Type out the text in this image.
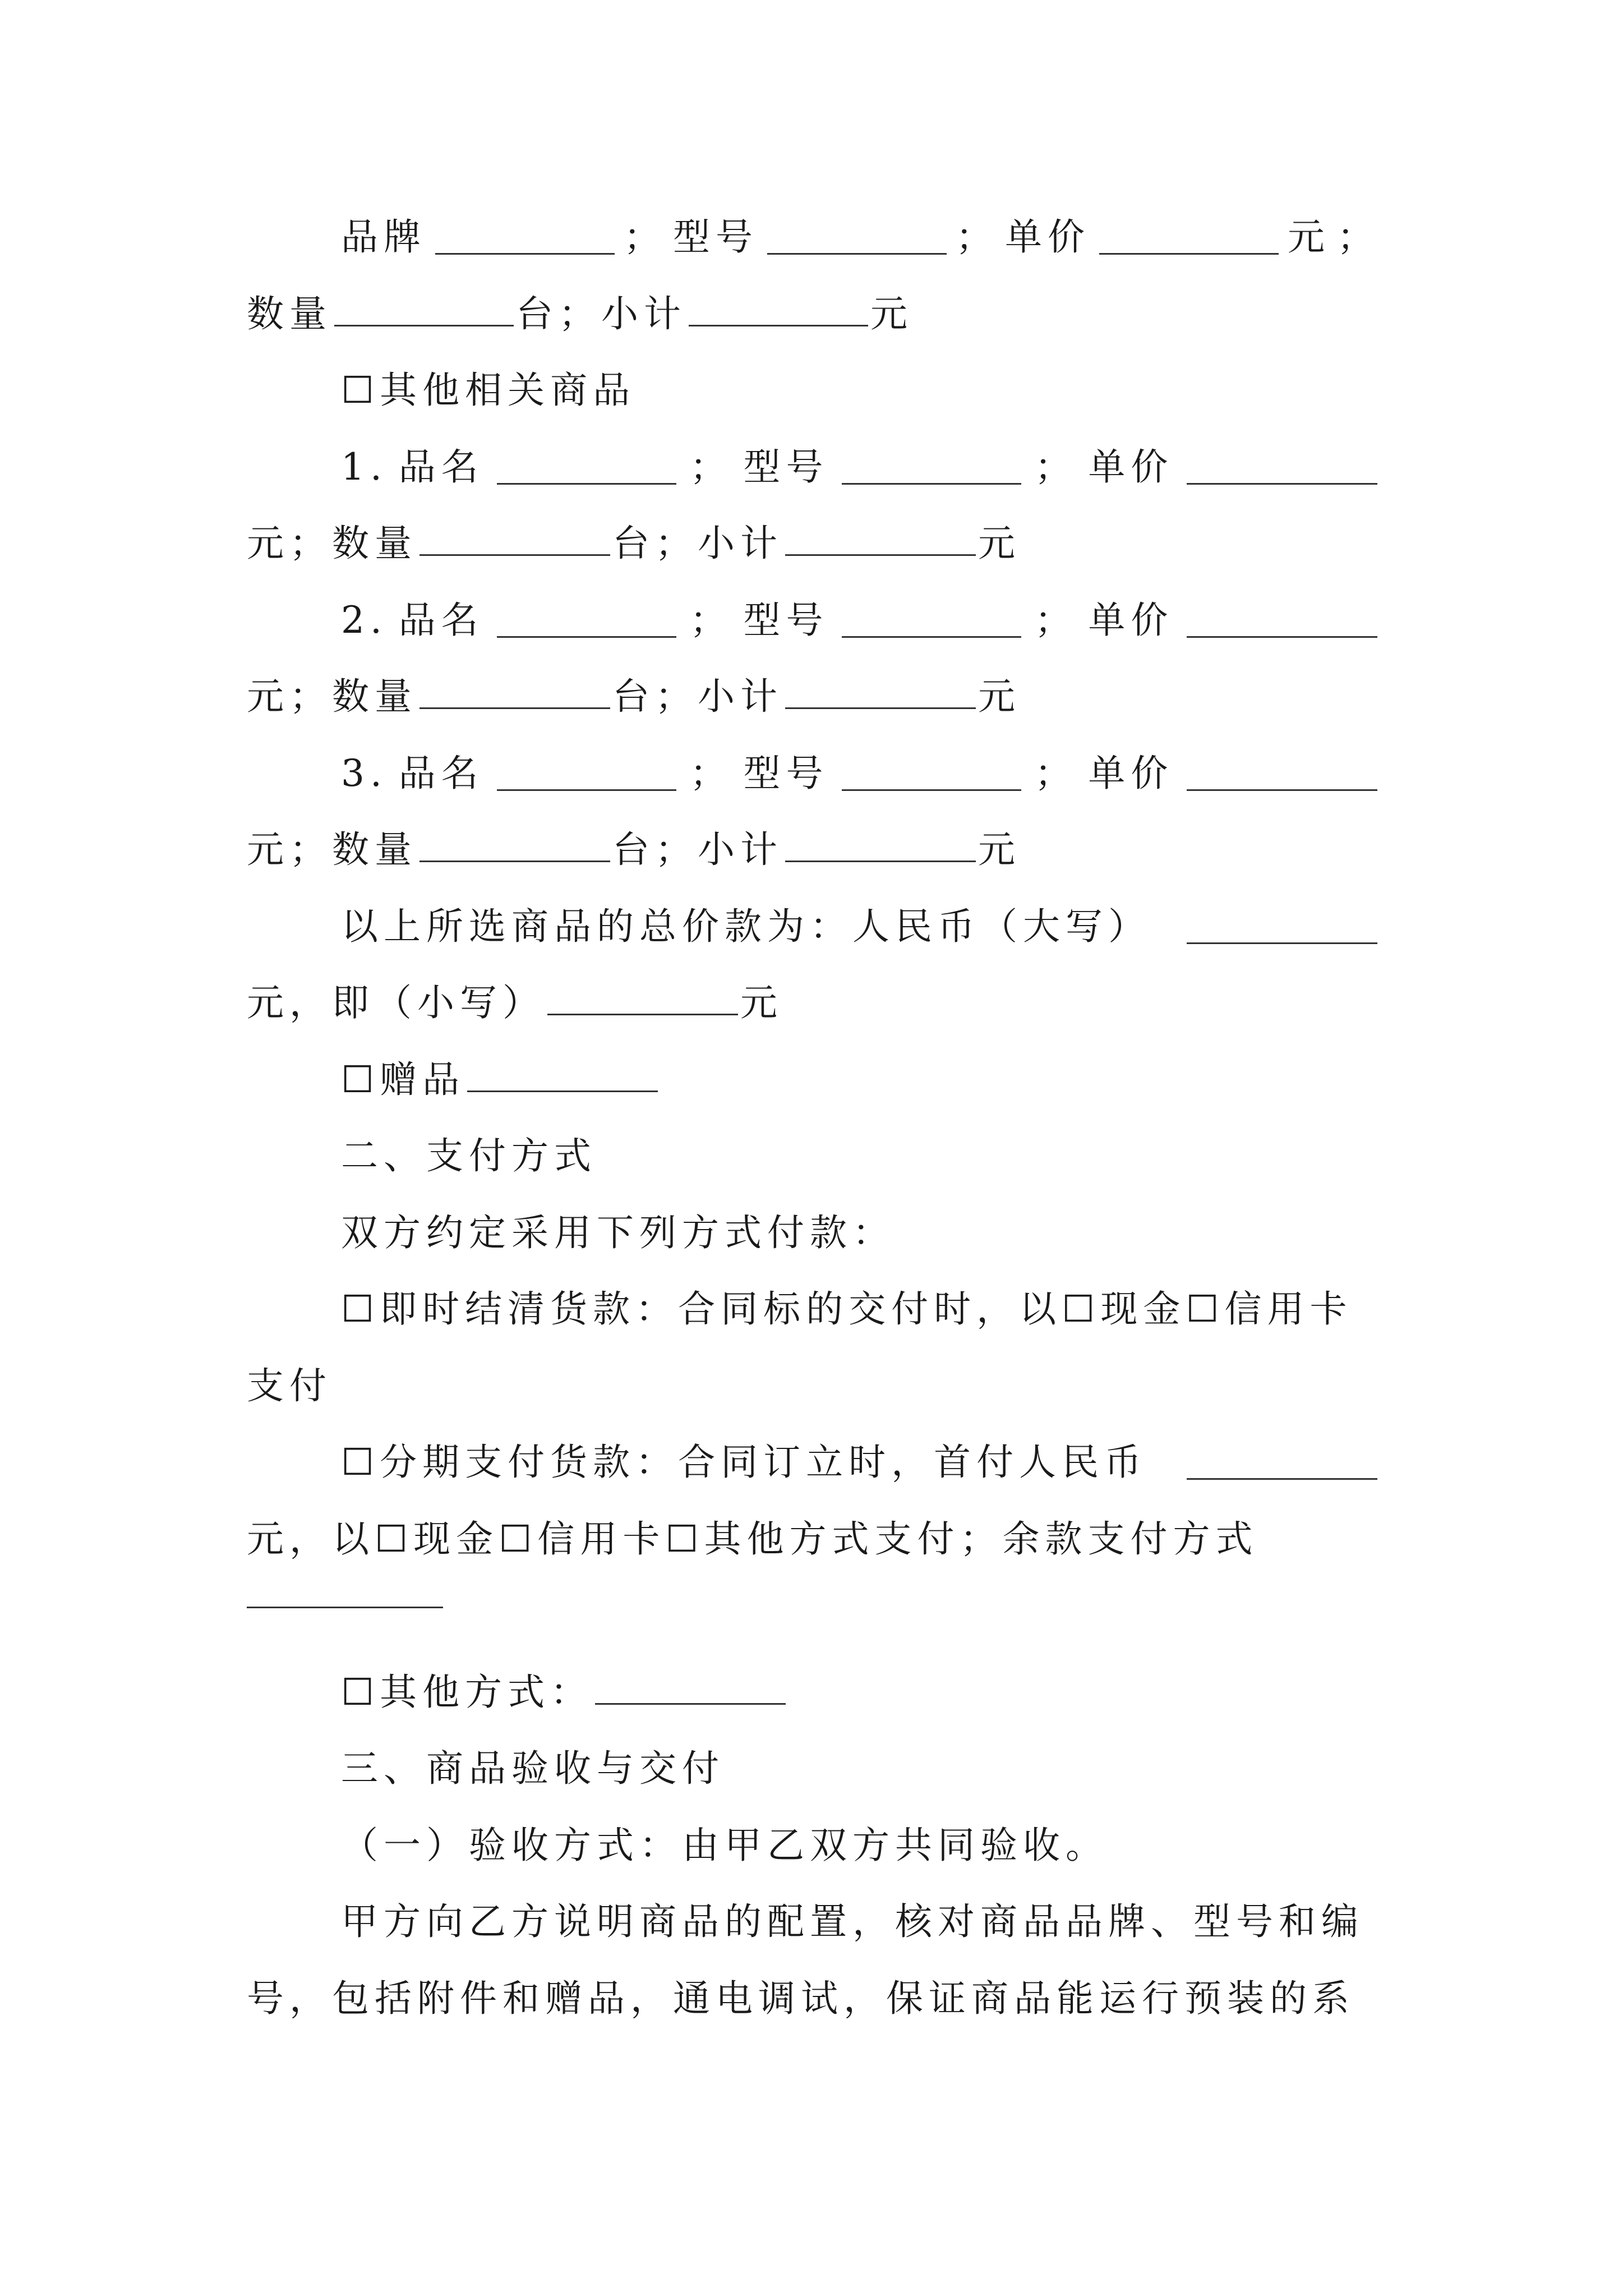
品牌	； 型号	； 单价	元 ；
数量	台；小计	元
☐其他相关商品
1. 品名	； 型号	； 单价
元；数量	台；小计	元
2. 品名	； 型号	； 单价
元；数量	台；小计	元
3. 品名	； 型号	； 单价
元；数量	台；小计	元
以上所选商品的总价款为：人民币（大写）
元，即（小写）	元
☐赠品
二、支付方式
双方约定采用下列方式付款：
☐即时结清货款：合同标的交付时，以☐现金☐信用卡
支付
☐分期支付货款：合同订立时，首付人民币
元，以☐现金☐信用卡☐其他方式支付；余款支付方式
☐其他方式：
三、商品验收与交付
（一）验收方式：由甲乙双方共同验收。
甲方向乙方说明商品的配置，核对商品品牌、型号和编
号，包括附件和赠品，通电调试，保证商品能运行预装的系
